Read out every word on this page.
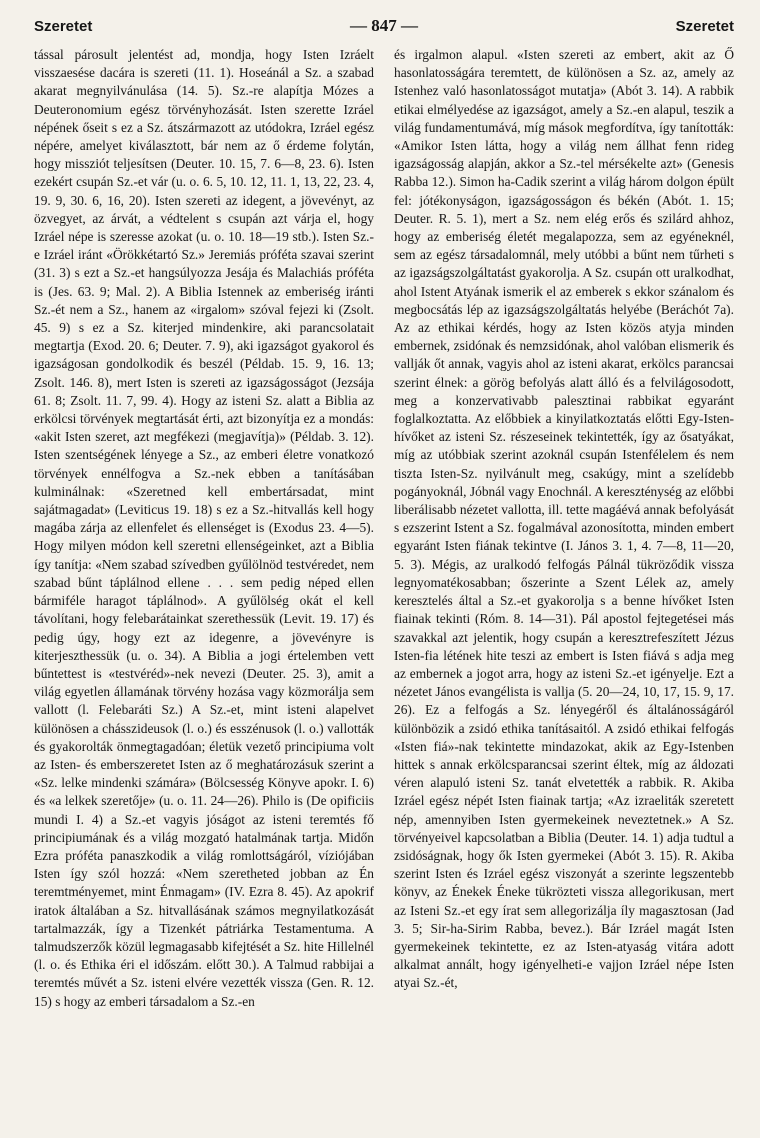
Szeretet	— 847 —	Szeretet

tással párosult jelentést ad, mondja, hogy Isten Izráelt visszaesése dacára is szereti (11. 1). Hoseánál a Sz. a szabad akarat megnyilvánulása (14. 5). Sz.-re alapítja Mózes a Deuteronomium egész törvényhozását. Isten szerette Izráel népének őseit s ez a Sz. átszármazott az utódokra, Izráel egész népére, amelyet kiválasztott, bár nem az ő érdeme folytán, hogy missziót teljesítsen (Deuter. 10. 15, 7. 6—8, 23. 6). Isten ezekért csupán Sz.-et vár (u. o. 6. 5, 10. 12, 11. 1, 13, 22, 23. 4, 19. 9, 30. 6, 16, 20). Isten szereti az idegent, a jövevényt, az özvegyet, az árvát, a védtelent s csupán azt várja el, hogy Izráel népe is szeresse azokat (u. o. 10. 18—19 stb.). Isten Sz.-e Izráel iránt «Örökkétartó Sz.» Jeremiás próféta szavai szerint (31. 3) s ezt a Sz.-et hangsúlyozza Jesája és Malachiás próféta is (Jes. 63. 9; Mal. 2). A Biblia Istennek az emberiség iránti Sz.-ét nem a Sz., hanem az «irgalom» szóval fejezi ki (Zsolt. 45. 9) s ez a Sz. kiterjed mindenkire, aki parancsolatait megtartja (Exod. 20. 6; Deuter. 7. 9), aki igazságot gyakorol és igazságosan gondolkodik és beszél (Példab. 15. 9, 16. 13; Zsolt. 146. 8), mert Isten is szereti az igazságosságot (Jezsája 61. 8; Zsolt. 11. 7, 99. 4). Hogy az isteni Sz. alatt a Biblia az erkölcsi törvények megtartását érti, azt bizonyítja ez a mondás: «akit Isten szeret, azt megfékezi (megjavítja)» (Példab. 3. 12). Isten szentségének lényege a Sz., az emberi életre vonatkozó törvények ennélfogva a Sz.-nek ebben a tanításában kulminálnak: «Szeretned kell embertársadat, mint sajátmagadat» (Leviticus 19. 18) s ez a Sz.-hitvallás kell hogy magába zárja az ellenfelet és ellenséget is (Exodus 23. 4—5). Hogy milyen módon kell szeretni ellenségeinket, azt a Biblia így tanítja: «Nem szabad szívedben gyűlölnöd testvéredet, nem szabad bűnt táplálnod ellene . . . sem pedig néped ellen bármiféle haragot táplálnod». A gyűlölség okát el kell távolítani, hogy felebarátainkat szerethessük (Levit. 19. 17) és pedig úgy, hogy ezt az idegenre, a jövevényre is kiterjeszthessük (u. o. 34). A Biblia a jogi értelemben vett bűntettest is «testvéréd»-nek nevezi (Deuter. 25. 3), amit a világ egyetlen államának törvény hozása vagy közmorálja sem vallott (l. Felebaráti Sz.) A Sz.-et, mint isteni alapelvet különösen a chásszideusok (l. o.) és esszénusok (l. o.) vallották és gyakorolták önmegtagadóan; életük vezető principiuma volt az Isten- és emberszeretet Isten az ő meghatározásuk szerint a «Sz. lelke mindenki számára» (Bölcsesség Könyve apokr. I. 6) és «a lelkek szeretője» (u. o. 11. 24—26). Philo is (De opificiis mundi I. 4) a Sz.-et vagyis jóságot az isteni teremtés fő principiumának és a világ mozgató hatalmának tartja. Midőn Ezra próféta panaszkodik a világ romlottságáról, víziójában Isten így szól hozzá: «Nem szeretheted jobban az Én teremtményemet, mint Énmagam» (IV. Ezra 8. 45). Az apokrif iratok általában a Sz. hitvallásának számos megnyilatkozását tartalmazzák, így a Tizenkét pátriárka Testamentuma. A talmudszerzők közül legmagasabb kifejtését a Sz. hite Hillelnél (l. o. és Ethika éri el időszám. előtt 30.). A Talmud rabbijai a teremtés művét a Sz. isteni elvére vezették vissza (Gen. R. 12. 15) s hogy az emberi társadalom a Sz.-en

és irgalmon alapul. «Isten szereti az embert, akit az Ő hasonlatosságára teremtett, de különösen a Sz. az, amely az Istenhez való hasonlatosságot mutatja» (Abót 3. 14). A rabbik etikai elmélyedése az igazságot, amely a Sz.-en alapul, teszik a világ fundamentumává, míg mások megfordítva, így tanították: «Amikor Isten látta, hogy a világ nem állhat fenn rideg igazságosság alapján, akkor a Sz.-tel mérsékelte azt» (Genesis Rabba 12.). Simon ha-Cadik szerint a világ három dolgon épült fel: jótékonyságon, igazságosságon és békén (Abót. 1. 15; Deuter. R. 5. 1), mert a Sz. nem elég erős és szilárd ahhoz, hogy az emberiség életét megalapozza, sem az egyéneknél, sem az egész társadalomnál, mely utóbbi a bűnt nem tűrheti s az igazságszolgáltatást gyakorolja. A Sz. csupán ott uralkodhat, ahol Istent Atyának ismerik el az emberek s ekkor szánalom és megbocsátás lép az igazságszolgáltatás helyébe (Beráchót 7a). Az az ethikai kérdés, hogy az Isten közös atyja minden embernek, zsidónak és nemzsidónak, ahol valóban elismerik és vallják őt annak, vagyis ahol az isteni akarat, erkölcs parancsai szerint élnek: a görög befolyás alatt álló és a felvilágosodott, meg a konzervativabb palesztinai rabbikat egyaránt foglalkoztatta. Az előbbiek a kinyilatkoztatás előtti Egy-Isten-hívőket az isteni Sz. részeseinek tekintették, így az ősatyákat, míg az utóbbiak szerint azoknál csupán Istenfélelem és nem tiszta Isten-Sz. nyilvánult meg, csakúgy, mint a szelídebb pogányoknál, Jóbnál vagy Enochnál. A kereszténység az előbbi liberálisabb nézetet vallotta, ill. tette magáévá annak befolyását s ezszerint Istent a Sz. fogalmával azonosította, minden embert egyaránt Isten fiának tekintve (I. János 3. 1, 4. 7—8, 11—20, 5. 3). Mégis, az uralkodó felfogás Pálnál tükröződik vissza legnyomatékosabban; őszerinte a Szent Lélek az, amely keresztelés által a Sz.-et gyakorolja s a benne hívőket Isten fiainak tekinti (Róm. 8. 14—31). Pál apostol fejtegetései más szavakkal azt jelentik, hogy csupán a keresztrefeszített Jézus Isten-fia létének hite teszi az embert is Isten fiává s adja meg az embernek a jogot arra, hogy az isteni Sz.-et igényelje. Ezt a nézetet János evangélista is vallja (5. 20—24, 10, 17, 15. 9, 17. 26). Ez a felfogás a Sz. lényegéről és általánosságáról különbözik a zsidó ethika tanításaitól. A zsidó ethikai felfogás «Isten fiá»-nak tekintette mindazokat, akik az Egy-Istenben hittek s annak erkölcsparancsai szerint éltek, míg az áldozati véren alapuló isteni Sz. tanát elvetették a rabbik. R. Akiba Izráel egész népét Isten fiainak tartja; «Az izraeliták szeretett nép, amennyiben Isten gyermekeinek neveztetnek.» A Sz. törvényeivel kapcsolatban a Biblia (Deuter. 14. 1) adja tudtul a zsidóságnak, hogy ők Isten gyermekei (Abót 3. 15). R. Akiba szerint Isten és Izráel egész viszonyát a szerinte legszentebb könyv, az Énekek Éneke tükrözteti vissza allegorikusan, mert az Isteni Sz.-et egy írat sem allegorizálja íly magasztosan (Jad 3. 5; Sir-ha-Sirim Rabba, bevez.). Bár Izráel magát Isten gyermekeinek tekintette, ez az Isten-atyaság vitára adott alkalmat annált, hogy igényelheti-e vajjon Izráel népe Isten atyai Sz.-ét,
